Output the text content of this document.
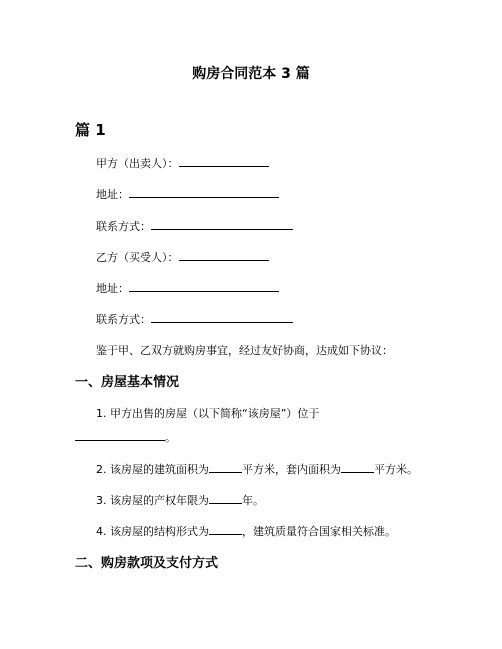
购房合同范本 3 篇
篇 1
甲方（出卖人）：
地址：
联系方式：
乙方（买受人）：
地址：
联系方式：
鉴于甲、乙双方就购房事宜，经过友好协商，达成如下协议：
一、房屋基本情况
1. 甲方出售的房屋（以下简称“该房屋”）位于
。
2. 该房屋的建筑面积为	平方米，套内面积为	平方米。
3. 该房屋的产权年限为	年。
4. 该房屋的结构形式为	，建筑质量符合国家相关标准。
二、购房款项及支付方式
